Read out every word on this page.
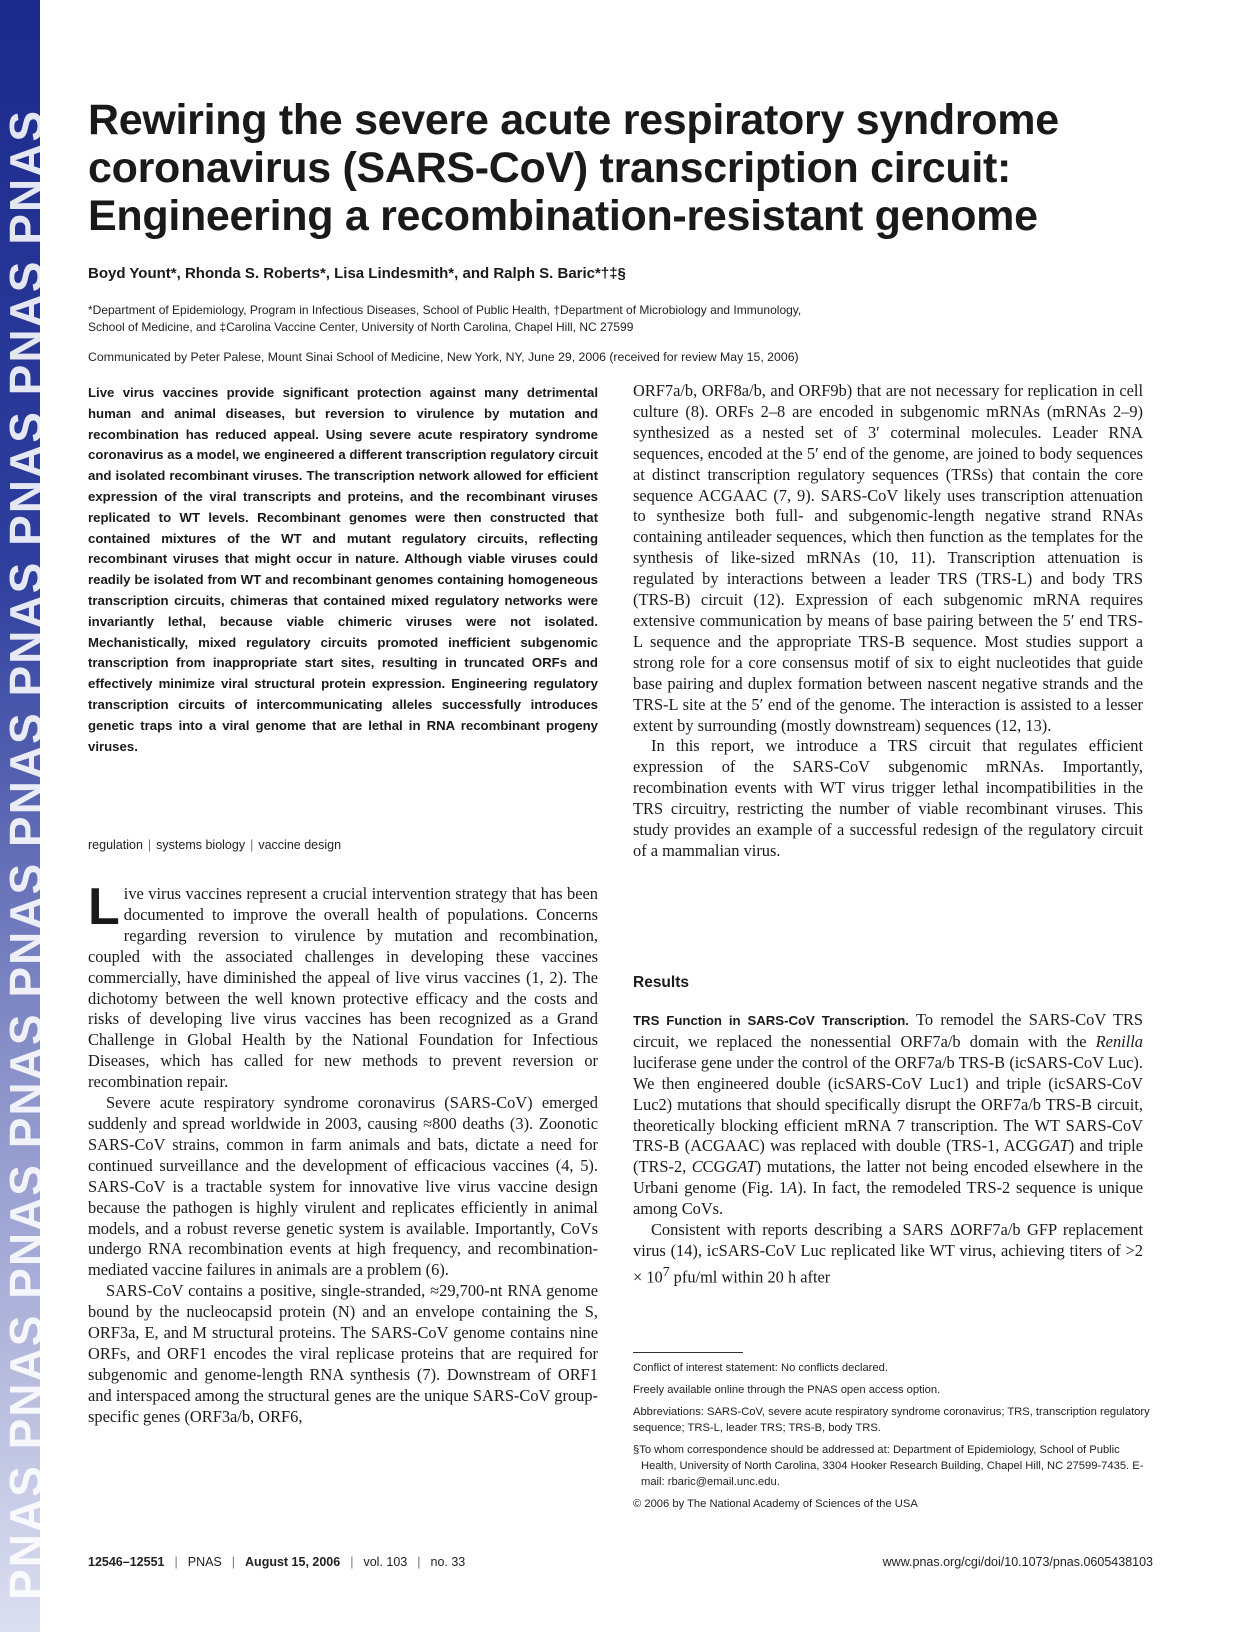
PNAS PNAS PNAS PNAS PNAS PNAS PNAS PNAS PNAS PNAS Rewiring the severe acute respiratory syndrome
coronavirus (SARS-CoV) transcription circuit:
Engineering a recombination-resistant genome
Boyd Yount*, Rhonda S. Roberts*, Lisa Lindesmith*, and Ralph S. Baric*†‡§
*Department of Epidemiology, Program in Infectious Diseases, School of Public Health, †Department of Microbiology and Immunology,
School of Medicine, and ‡Carolina Vaccine Center, University of North Carolina, Chapel Hill, NC 27599
Communicated by Peter Palese, Mount Sinai School of Medicine, New York, NY, June 29, 2006 (received for review May 15, 2006)

Live virus vaccines provide significant protection against many detrimental human and animal diseases, but reversion to virulence by mutation and recombination has reduced appeal. Using severe acute respiratory syndrome coronavirus as a model, we engineered a different transcription regulatory circuit and isolated recombinant viruses. The transcription network allowed for efficient expression of the viral transcripts and proteins, and the recombinant viruses replicated to WT levels. Recombinant genomes were then constructed that contained mixtures of the WT and mutant regulatory circuits, reflecting recombinant viruses that might occur in nature. Although viable viruses could readily be isolated from WT and recombinant genomes containing homogeneous transcription circuits, chimeras that contained mixed regulatory networks were invariantly lethal, because viable chimeric viruses were not isolated. Mechanistically, mixed regulatory circuits promoted inefficient subgenomic transcription from inappropriate start sites, resulting in truncated ORFs and effectively minimize viral structural protein expression. Engineering regulatory transcription circuits of intercommunicating alleles successfully introduces genetic traps into a viral genome that are lethal in RNA recombinant progeny viruses.

regulation | systems biology | vaccine design

Live virus vaccines represent a crucial intervention strategy that has been documented to improve the overall health of populations. Concerns regarding reversion to virulence by mutation and recombination, coupled with the associated challenges in developing these vaccines commercially, have diminished the appeal of live virus vaccines (1, 2). The dichotomy between the well known protective efficacy and the costs and risks of developing live virus vaccines has been recognized as a Grand Challenge in Global Health by the National Foundation for Infectious Diseases, which has called for new methods to prevent reversion or recombination repair.

Severe acute respiratory syndrome coronavirus (SARS-CoV) emerged suddenly and spread worldwide in 2003, causing ≈800 deaths (3). Zoonotic SARS-CoV strains, common in farm animals and bats, dictate a need for continued surveillance and the development of efficacious vaccines (4, 5). SARS-CoV is a tractable system for innovative live virus vaccine design because the pathogen is highly virulent and replicates efficiently in animal models, and a robust reverse genetic system is available. Importantly, CoVs undergo RNA recombination events at high frequency, and recombination-mediated vaccine failures in animals are a problem (6).

SARS-CoV contains a positive, single-stranded, ≈29,700-nt RNA genome bound by the nucleocapsid protein (N) and an envelope containing the S, ORF3a, E, and M structural proteins. The SARS-CoV genome contains nine ORFs, and ORF1 encodes the viral replicase proteins that are required for subgenomic and genome-length RNA synthesis (7). Downstream of ORF1 and interspaced among the structural genes are the unique SARS-CoV group-specific genes (ORF3a/b, ORF6,

ORF7a/b, ORF8a/b, and ORF9b) that are not necessary for replication in cell culture (8). ORFs 2–8 are encoded in subgenomic mRNAs (mRNAs 2–9) synthesized as a nested set of 3′ coterminal molecules. Leader RNA sequences, encoded at the 5′ end of the genome, are joined to body sequences at distinct transcription regulatory sequences (TRSs) that contain the core sequence ACGAAC (7, 9). SARS-CoV likely uses transcription attenuation to synthesize both full- and subgenomic-length negative strand RNAs containing antileader sequences, which then function as the templates for the synthesis of like-sized mRNAs (10, 11). Transcription attenuation is regulated by interactions between a leader TRS (TRS-L) and body TRS (TRS-B) circuit (12). Expression of each subgenomic mRNA requires extensive communication by means of base pairing between the 5′ end TRS-L sequence and the appropriate TRS-B sequence. Most studies support a strong role for a core consensus motif of six to eight nucleotides that guide base pairing and duplex formation between nascent negative strands and the TRS-L site at the 5′ end of the genome. The interaction is assisted to a lesser extent by surrounding (mostly downstream) sequences (12, 13).

In this report, we introduce a TRS circuit that regulates efficient expression of the SARS-CoV subgenomic mRNAs. Importantly, recombination events with WT virus trigger lethal incompatibilities in the TRS circuitry, restricting the number of viable recombinant viruses. This study provides an example of a successful redesign of the regulatory circuit of a mammalian virus.

Results

TRS Function in SARS-CoV Transcription. To remodel the SARS-CoV TRS circuit, we replaced the nonessential ORF7a/b domain with the Renilla luciferase gene under the control of the ORF7a/b TRS-B (icSARS-CoV Luc). We then engineered double (icSARS-CoV Luc1) and triple (icSARS-CoV Luc2) mutations that should specifically disrupt the ORF7a/b TRS-B circuit, theoretically blocking efficient mRNA 7 transcription. The WT SARS-CoV TRS-B (ACGAAC) was replaced with double (TRS-1, ACGGAT) and triple (TRS-2, CCGGAT) mutations, the latter not being encoded elsewhere in the Urbani genome (Fig. 1A). In fact, the remodeled TRS-2 sequence is unique among CoVs.

Consistent with reports describing a SARS ΔORF7a/b GFP replacement virus (14), icSARS-CoV Luc replicated like WT virus, achieving titers of $>2 \times 10^7$ pfu/ml within 20 h after

Conflict of interest statement: No conflicts declared.

Freely available online through the PNAS open access option.

Abbreviations: SARS-CoV, severe acute respiratory syndrome coronavirus; TRS, transcription regulatory sequence; TRS-L, leader TRS; TRS-B, body TRS.

§To whom correspondence should be addressed at: Department of Epidemiology, School of Public Health, University of North Carolina, 3304 Hooker Research Building, Chapel Hill, NC 27599-7435. E-mail: rbaric@email.unc.edu.

© 2006 by The National Academy of Sciences of the USA

12546–12551 | PNAS | August 15, 2006 | vol. 103 | no. 33	www.pnas.org/cgi/doi/10.1073/pnas.0605438103
